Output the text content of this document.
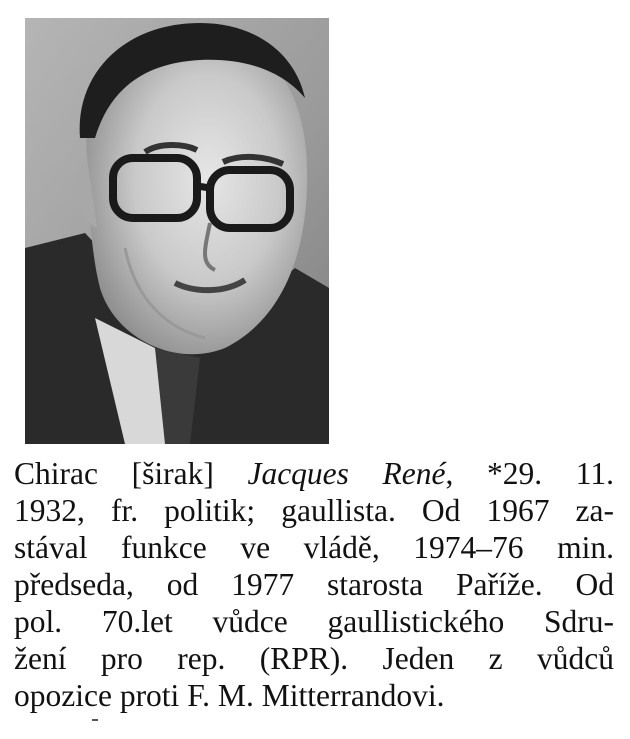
Chirac [širak] Jacques René, *29. 11.
1932, fr. politik; gaullista. Od 1967 za-
stával funkce ve vládě, 1974–76 min.
předseda, od 1977 starosta Paříže. Od
pol. 70.let vůdce gaullistického Sdru-
žení pro rep. (RPR). Jeden z vůdců
opozice proti F. M. Mitterrandovi.
